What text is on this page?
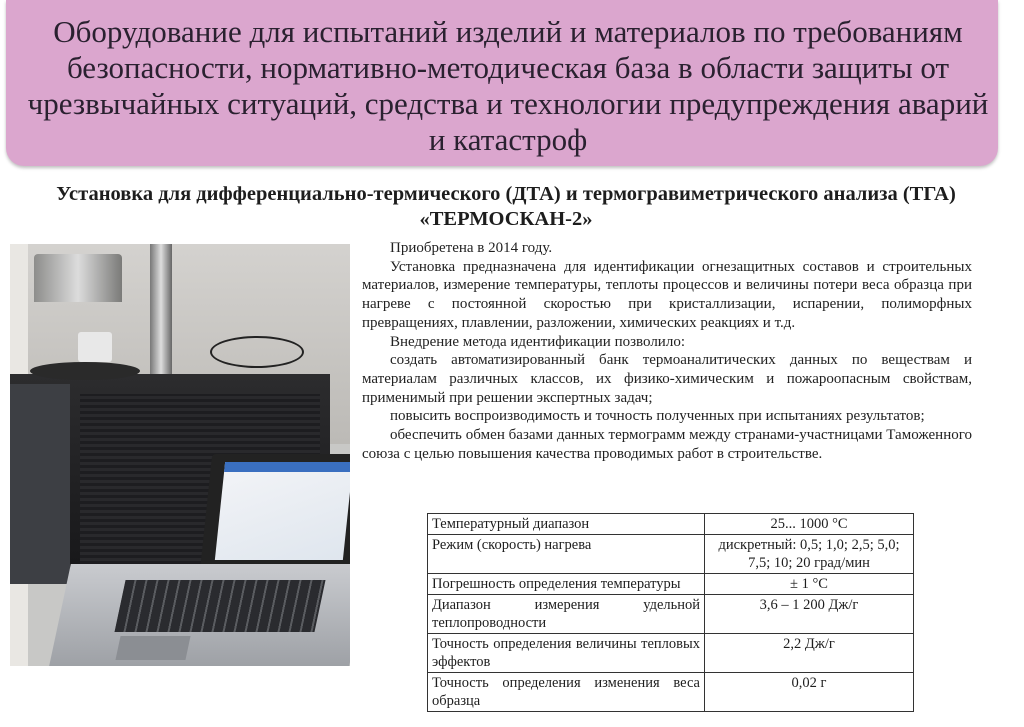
Оборудование для испытаний изделий и материалов по требованиям безопасности, нормативно-методическая база в области защиты от чрезвычайных ситуаций, средства и технологии предупреждения аварий и катастроф
Установка для дифференциально-термического (ДТА) и термогравиметрического анализа (ТГА) «ТЕРМОСКАН-2»

Приобретена в 2014 году.

Установка предназначена для идентификации огнезащитных составов и строительных материалов, измерение температуры, теплоты процессов и величины потери веса образца при нагреве с постоянной скоростью при кристаллизации, испарении, полиморфных превращениях, плавлении, разложении, химических реакциях и т.д.

Внедрение метода идентификации позволило:

создать автоматизированный банк термоаналитических данных по веществам и материалам различных классов, их физико-химическим и пожароопасным свойствам, применимый при решении экспертных задач;

повысить воспроизводимость и точность полученных при испытаниях результатов;

обеспечить обмен базами данных термограмм между странами-участницами Таможенного союза с целью повышения качества проводимых работ в строительстве.

Температурный диапазон	25... 1000 °C
Режим (скорость) нагрева	дискретный: 0,5; 1,0; 2,5; 5,0; 7,5; 10; 20 град/мин
Погрешность определения температуры	± 1 °C
Диапазон измерения удельной теплопроводности	3,6 – 1 200 Дж/г
Точность определения величины тепловых эффектов	2,2 Дж/г
Точность определения изменения веса образца	0,02 г
